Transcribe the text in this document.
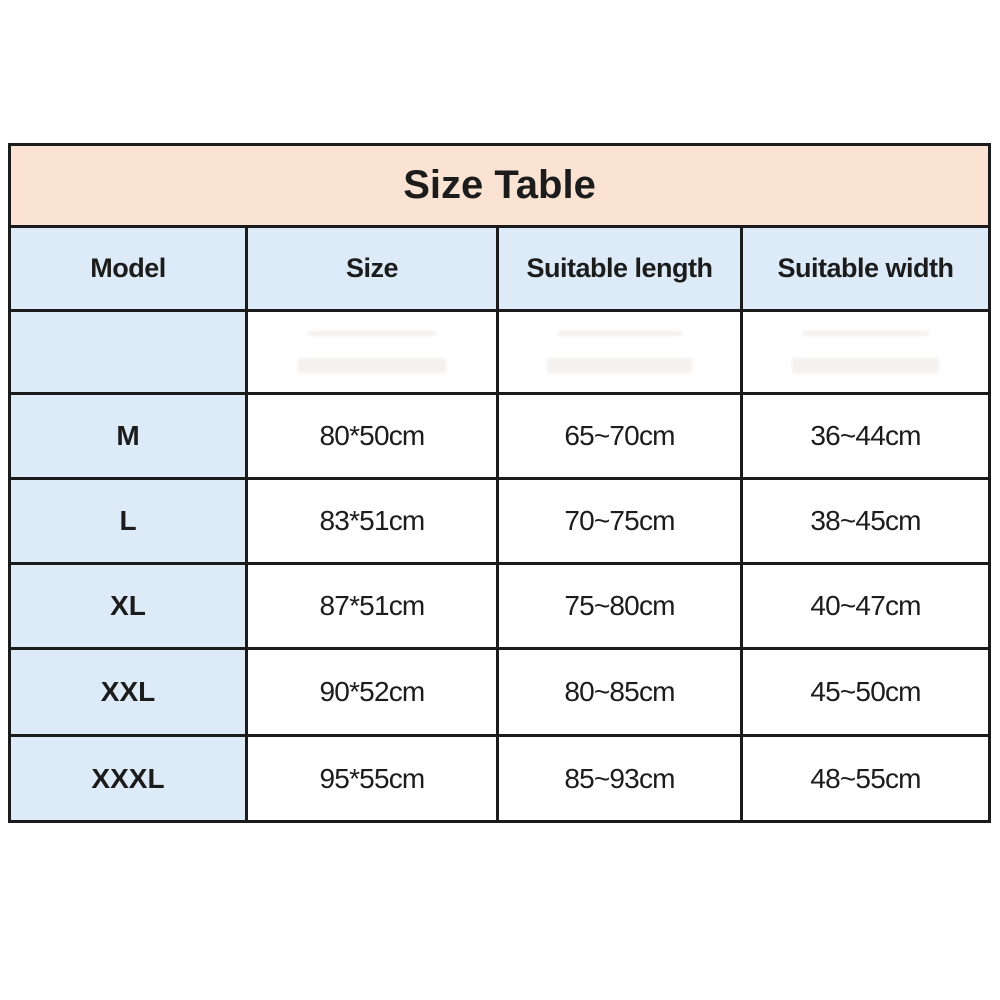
Size Table			
Model	Size	Suitable length	Suitable width

M	80*50cm	65~70cm	36~44cm
L	83*51cm	70~75cm	38~45cm
XL	87*51cm	75~80cm	40~47cm
XXL	90*52cm	80~85cm	45~50cm
XXXL	95*55cm	85~93cm	48~55cm
